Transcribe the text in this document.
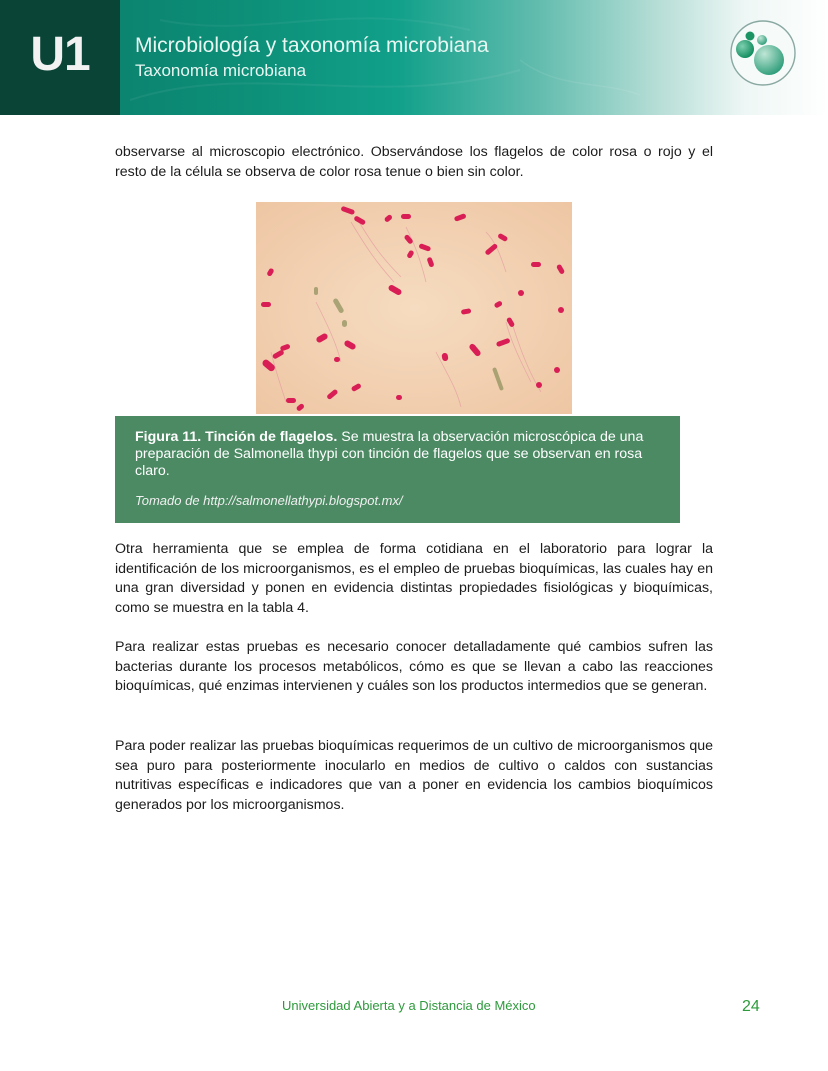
U1 Microbiología y taxonomía microbiana
Taxonomía microbiana
observarse al microscopio electrónico. Observándose los flagelos de color rosa o rojo y el resto de la célula se observa de color rosa tenue o bien sin color.
Figura 11. Tinción de flagelos. Se muestra la observación microscópica de una preparación de Salmonella thypi con tinción de flagelos que se observan en rosa claro.
Tomado de http://salmonellathypi.blogspot.mx/
Otra herramienta que se emplea de forma cotidiana en el laboratorio para lograr la identificación de los microorganismos, es el empleo de pruebas bioquímicas, las cuales hay en una gran diversidad y ponen en evidencia distintas propiedades fisiológicas y bioquímicas, como se muestra en la tabla 4.
Para realizar estas pruebas es necesario conocer detalladamente qué cambios sufren las bacterias durante los procesos metabólicos, cómo es que se llevan a cabo las reacciones bioquímicas, qué enzimas intervienen y cuáles son los productos intermedios que se generan.
Para poder realizar las pruebas bioquímicas requerimos de un cultivo de microorganismos que sea puro para posteriormente inocularlo en medios de cultivo o caldos con sustancias nutritivas específicas e indicadores que van a poner en evidencia los cambios bioquímicos generados por los microorganismos.
Universidad Abierta y a Distancia de México	24
